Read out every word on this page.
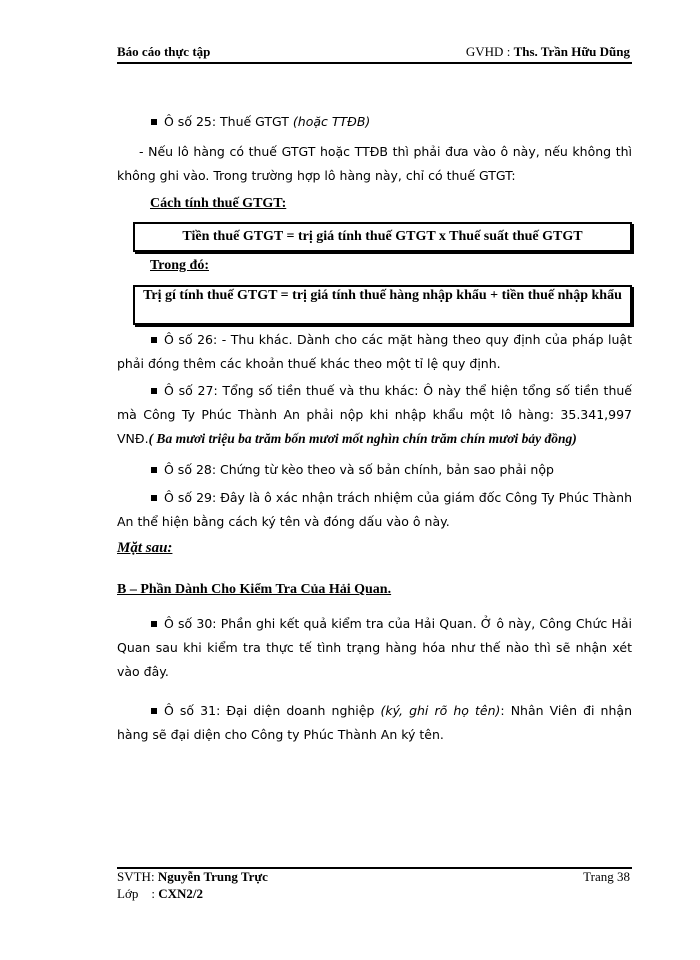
Báo cáo thực tập	GVHD : Ths. Trần Hữu Dũng
Ô số 25: Thuế GTGT (hoặc TTĐB)
- Nếu lô hàng có thuế GTGT hoặc TTĐB thì phải đưa vào ô này, nếu không thì không ghi vào. Trong trường hợp lô hàng này, chỉ có thuế GTGT:
Cách tính thuế GTGT:
Tiền thuế GTGT = trị giá tính thuế GTGT x Thuế suất thuế GTGT
Trong đó:
Trị gí tính thuế GTGT = trị giá tính thuế hàng nhập khẩu + tiền thuế nhập khẩu
Ô số 26: - Thu khác. Dành cho các mặt hàng theo quy định của pháp luật phải đóng thêm các khoản thuế khác theo một tỉ lệ quy định.
Ô số 27: Tổng số tiền thuế và thu khác: Ô này thể hiện tổng số tiền thuế mà Công Ty Phúc Thành An phải nộp khi nhập khẩu một lô hàng: 35.341,997 VNĐ.( Ba mươi triệu ba trăm bốn mươi mốt nghìn chín trăm chín mươi bảy đồng)
Ô số 28: Chứng từ kèo theo và số bản chính, bản sao phải nộp
Ô số 29: Đây là ô xác nhận trách nhiệm của giám đốc Công Ty Phúc Thành An thể hiện bằng cách ký tên và đóng dấu vào ô này.
Mặt sau:
B – Phần Dành Cho Kiểm Tra Của Hải Quan.
Ô số 30: Phần ghi kết quả kiểm tra của Hải Quan. Ở ô này, Công Chức Hải Quan sau khi kiểm tra thực tế tình trạng hàng hóa như thế nào thì sẽ nhận xét vào đây.
Ô số 31: Đại diện doanh nghiệp (ký, ghi rõ họ tên): Nhân Viên đi nhận hàng sẽ đại diện cho Công ty Phúc Thành An ký tên.
SVTH: Nguyễn Trung Trực	Trang 38
Lớp    : CXN2/2
